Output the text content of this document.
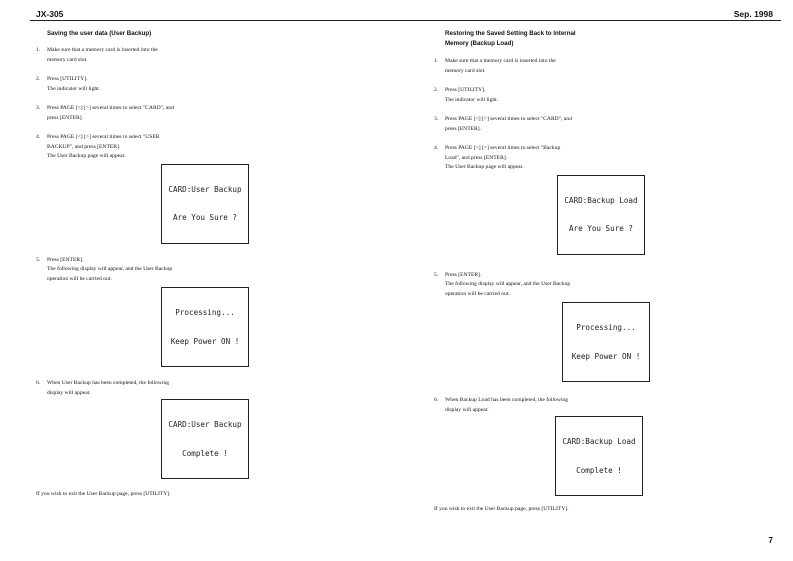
JX-305	Sep. 1998
Saving the user data (User Backup)
1. Make sure that a memory card is inserted into the
memory card slot.
2. Press [UTILITY].
The indicator will light.
3. Press PAGE [<] [>] several times to select "CARD", and
press [ENTER].
4. Press PAGE [<] [>] several times to select "USER
BACKUP", and press [ENTER].
The User Backup page will appear.

CARD:User Backup

Are You Sure ?

5. Press [ENTER].
The following display will appear, and the User Backup
operation will be carried out.

Processing...

Keep Power ON !

6. When User Backup has been completed, the following
display will appear.

CARD:User Backup

Complete !

If you wish to exit the User Backup page, press [UTILITY].
Restoring the Saved Setting Back to Internal
Memory (Backup Load)
1. Make sure that a memory card is inserted into the
memory card slot.
2. Press [UTILITY].
The indicator will light.
3. Press PAGE [<] [>] several times to select "CARD", and
press [ENTER].
4. Press PAGE [<] [>] several times to select "Backup
Load", and press [ENTER].
The User Backup page will appear.

CARD:Backup Load

Are You Sure ?

5. Press [ENTER].
The following display will appear, and the User Backup
operation will be carried out.

Processing...

Keep Power ON !

6. When Backup Load has been completed, the following
display will appear.

CARD:Backup Load

Complete !

If you wish to exit the User Backup page, press [UTILITY].
7
